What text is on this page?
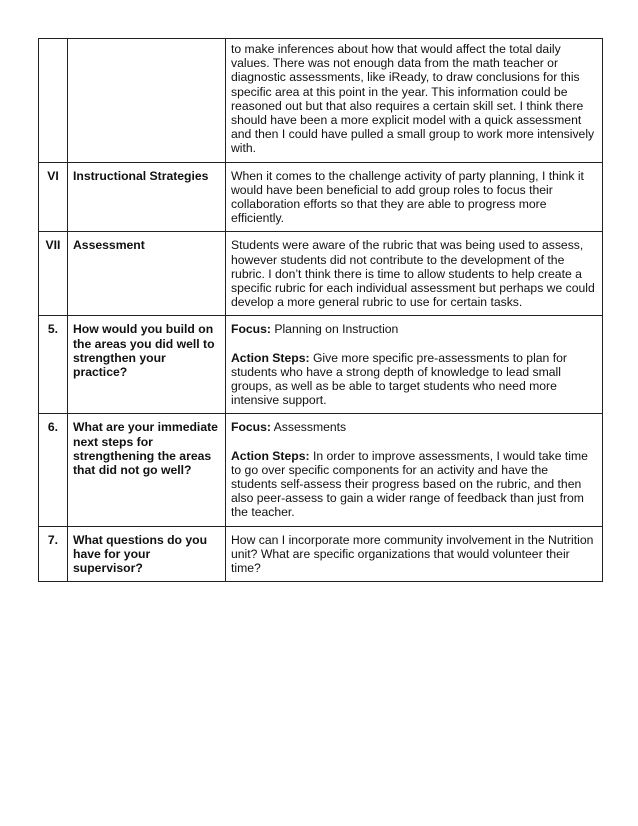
		to make inferences about how that would affect the total daily values. There was not enough data from the math teacher or diagnostic assessments, like iReady, to draw conclusions for this specific area at this point in the year. This information could be reasoned out but that also requires a certain skill set. I think there should have been a more explicit model with a quick assessment and then I could have pulled a small group to work more intensively with.
VI	Instructional Strategies	When it comes to the challenge activity of party planning, I think it would have been beneficial to add group roles to focus their collaboration efforts so that they are able to progress more efficiently.
VII	Assessment	Students were aware of the rubric that was being used to assess, however students did not contribute to the development of the rubric. I don’t think there is time to allow students to help create a specific rubric for each individual assessment but perhaps we could develop a more general rubric to use for certain tasks.
5.	How would you build on the areas you did well to strengthen your practice?	Focus: Planning on Instruction
Action Steps: Give more specific pre-assessments to plan for students who have a strong depth of knowledge to lead small groups, as well as be able to target students who need more intensive support.

6.	What are your immediate next steps for strengthening the areas that did not go well?	Focus: Assessments
Action Steps: In order to improve assessments, I would take time to go over specific components for an activity and have the students self-assess their progress based on the rubric, and then also peer-assess to gain a wider range of feedback than just from the teacher.

7.	What questions do you have for your supervisor?	How can I incorporate more community involvement in the Nutrition unit? What are specific organizations that would volunteer their time?
